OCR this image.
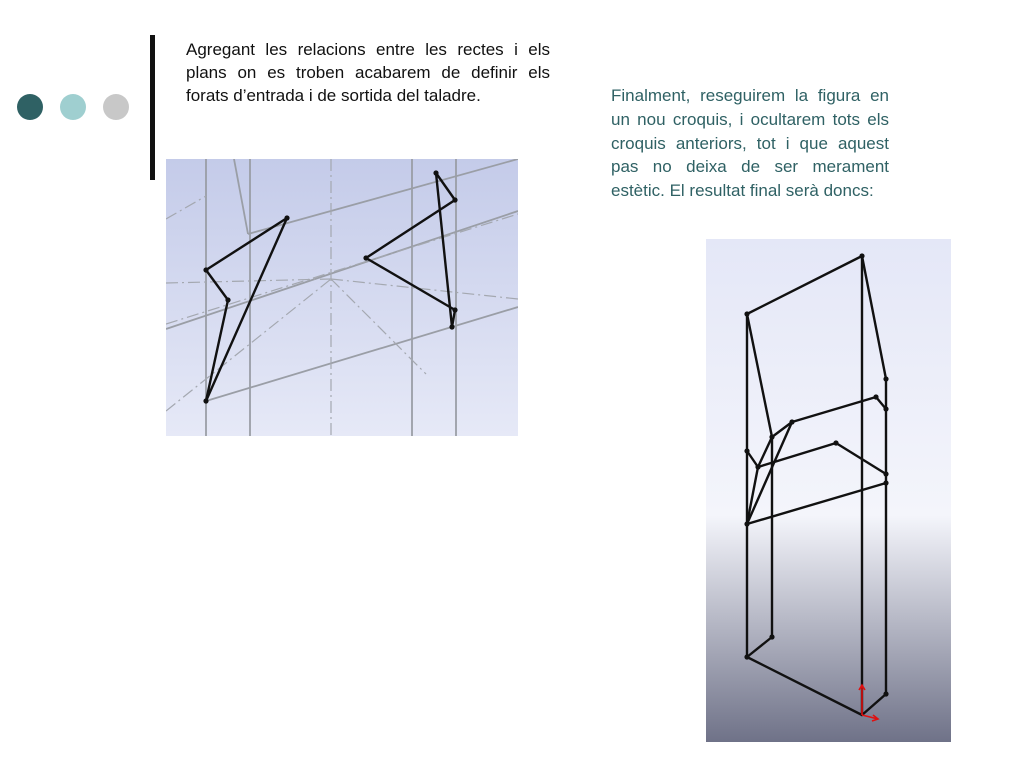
Agregant les relacions entre les rectes i els plans on es troben acabarem de definir els forats d’entrada i de sortida del taladre.	Finalment, reseguirem la figura en un nou croquis, i ocultarem tots els croquis anteriors, tot i que aquest pas no deixa de ser merament estètic. El resultat final serà doncs:
